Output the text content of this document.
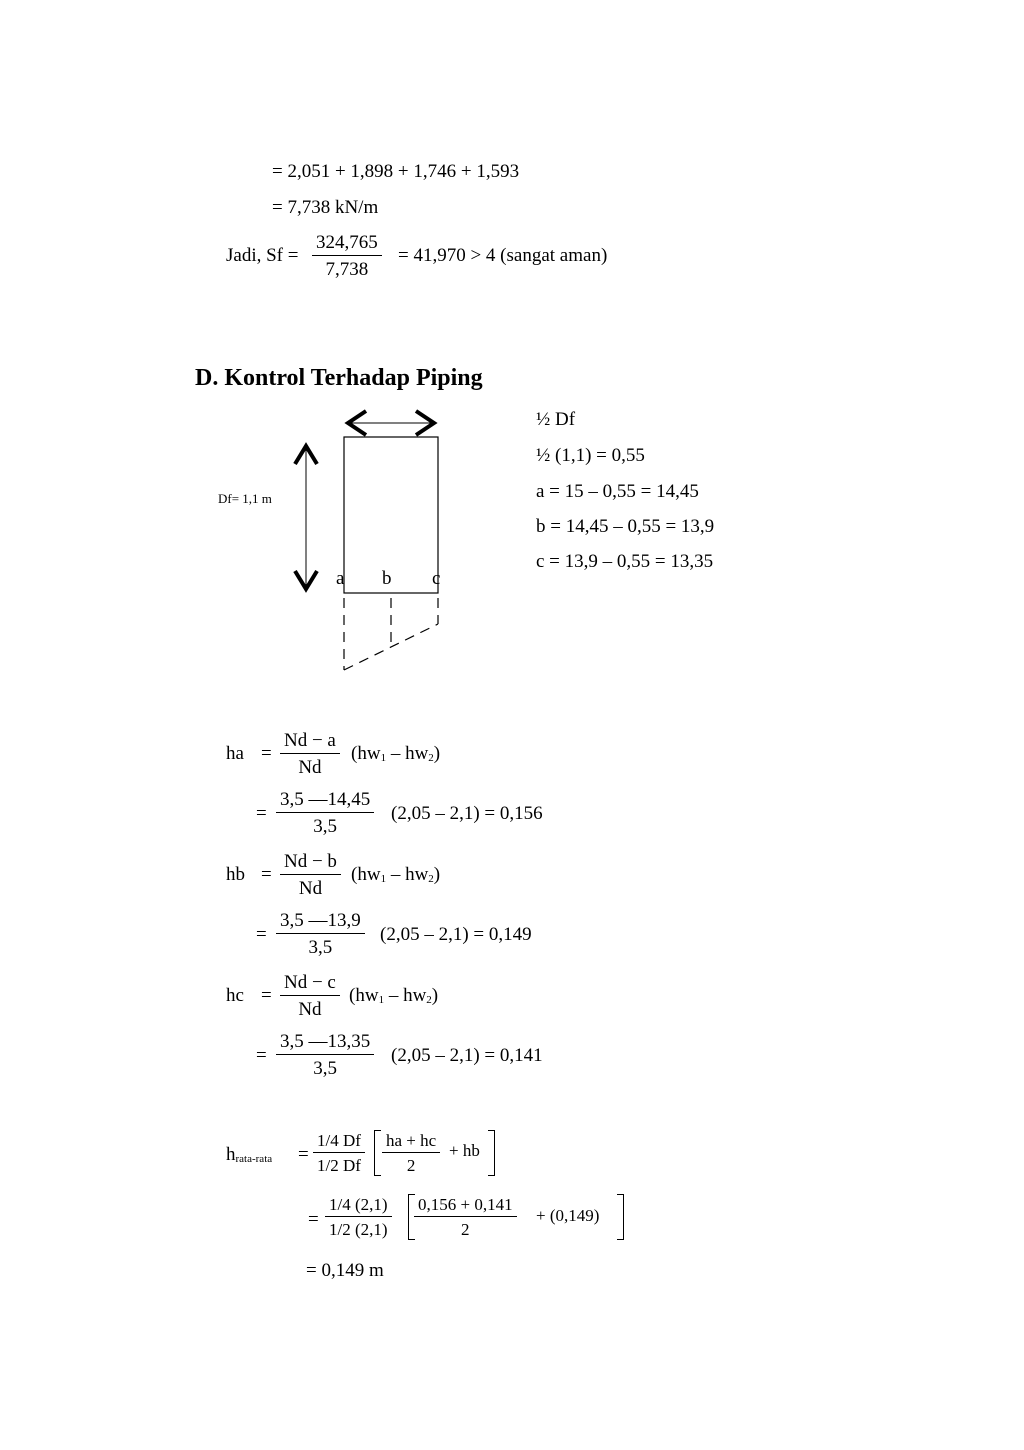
= 2,051 + 1,898 + 1,746 + 1,593
= 7,738 kN/m
Jadi, $Sf = \frac{324,765}{7,738} = 41,970 > 4$ (sangat aman)
D. Kontrol Terhadap Piping
Df= 1,1 m
a b c
½ Df
½ (1,1) = 0,55
a = 15 – 0,55 = 14,45
b = 14,45 – 0,55 = 13,9
c = 13,9 – 0,55 = 13,35
ha = $\frac{Nd - a}{Nd} (hw_1 - hw_2)$
= $\frac{3,5 —14,45}{3,5} (2,05 - 2,1) = 0,156$
hb = $\frac{Nd - b}{Nd} (hw_1 - hw_2)$
= $\frac{3,5 —13,9}{3,5} (2,05 - 2,1) = 0,149$
hc = $\frac{Nd - c}{Nd} (hw_1 - hw_2)$
= $\frac{3,5 —13,35}{3,5} (2,05 - 2,1) = 0,141$
$h_{rata-rata} = \frac{1/4 Df}{1/2 Df} \frac{ha + hc}{2}$ + hb
= $\frac{1/4 (2,1)}{1/2 (2,1)} \frac{0,156 + 0,141}{2} + (0,149)$
= 0,149 m
